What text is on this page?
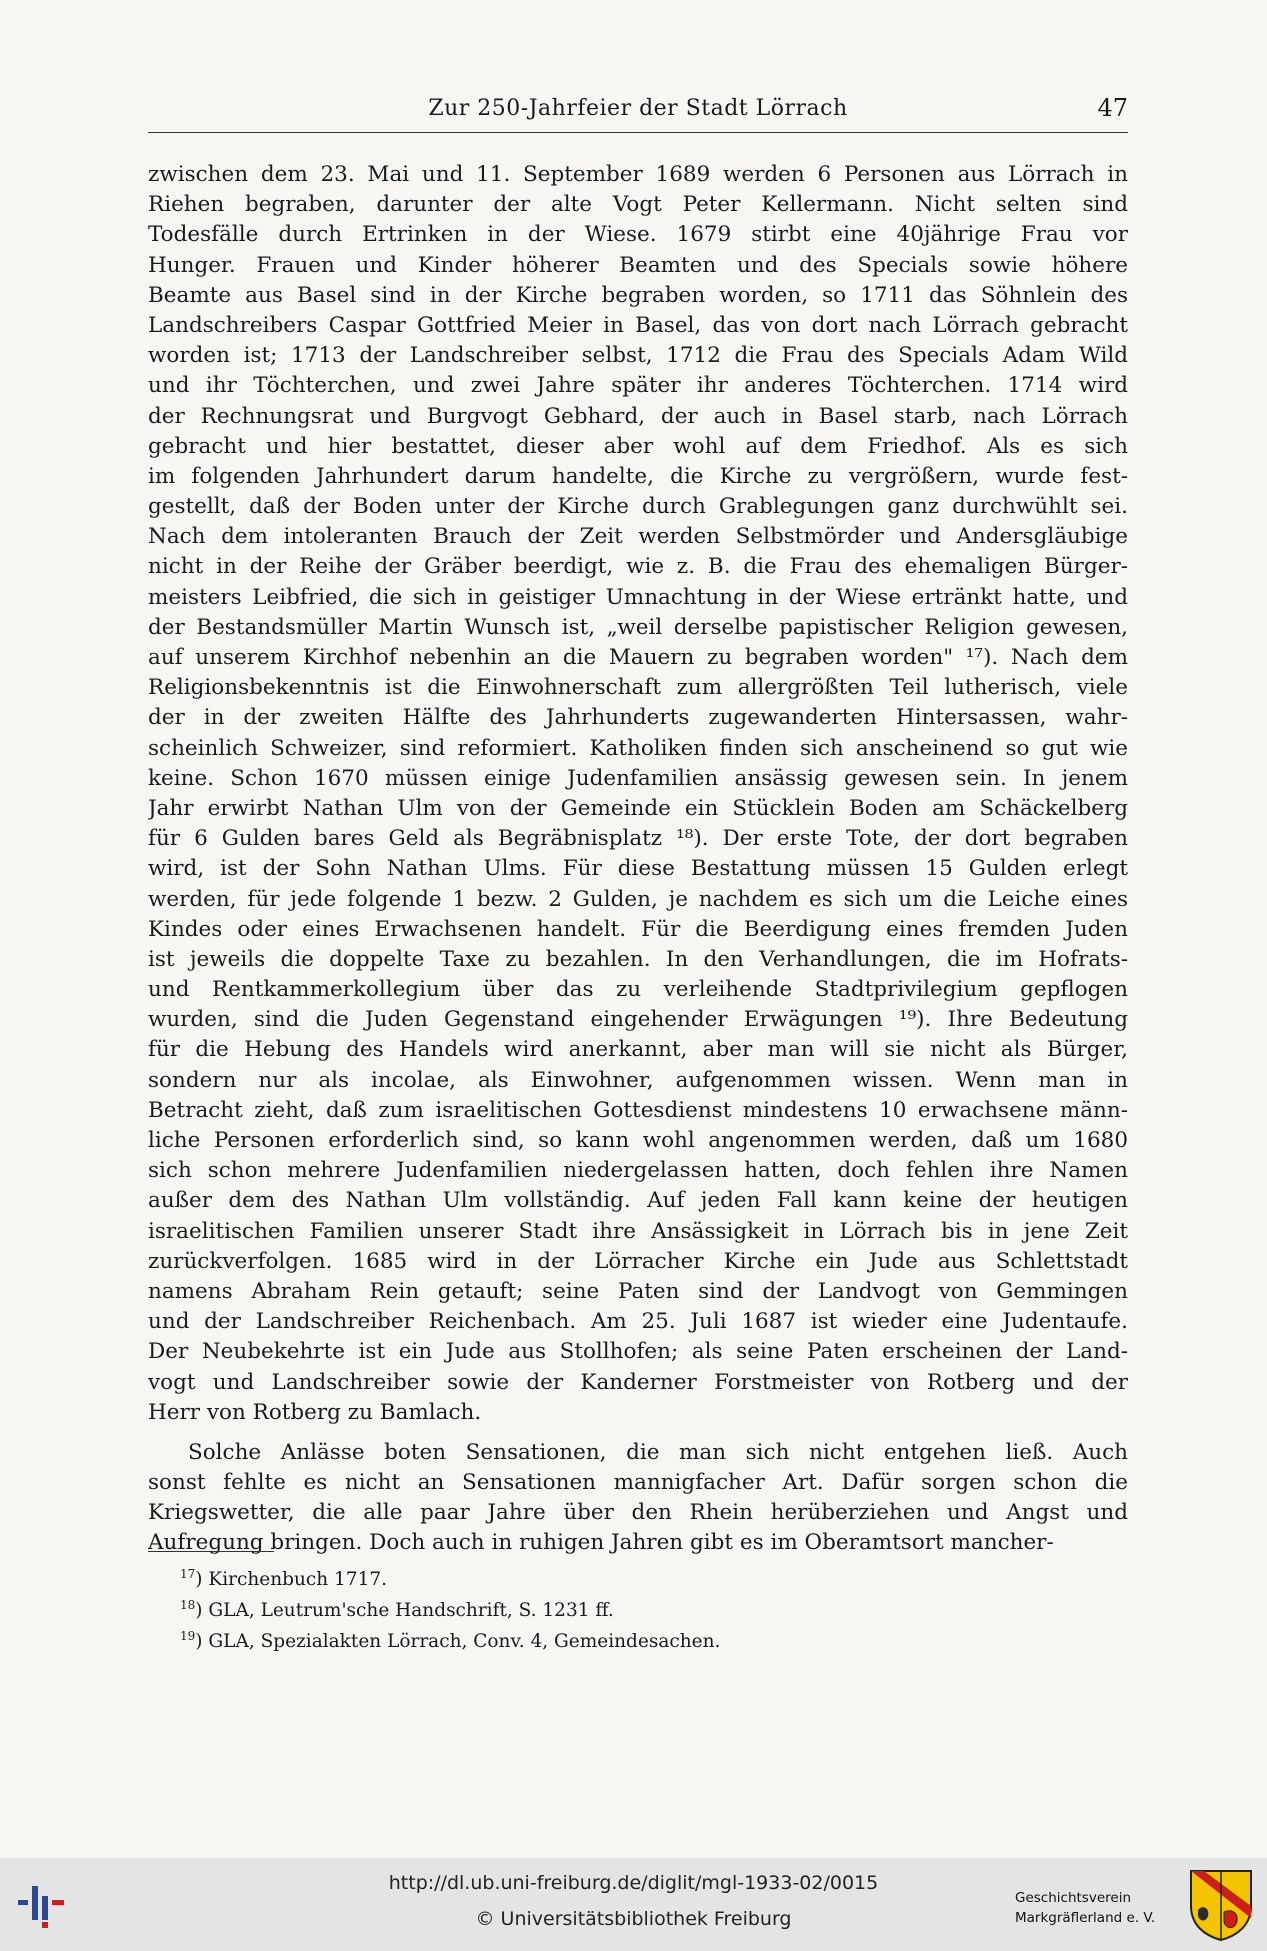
Zur 250-Jahrfeier der Stadt Lörrach	47
zwischen dem 23. Mai und 11. September 1689 werden 6 Personen aus Lörrach in
Riehen begraben, darunter der alte Vogt Peter Kellermann. Nicht selten sind
Todesfälle durch Ertrinken in der Wiese. 1679 stirbt eine 40jährige Frau vor
Hunger. Frauen und Kinder höherer Beamten und des Specials sowie höhere
Beamte aus Basel sind in der Kirche begraben worden, so 1711 das Söhnlein des
Landschreibers Caspar Gottfried Meier in Basel, das von dort nach Lörrach gebracht
worden ist; 1713 der Landschreiber selbst, 1712 die Frau des Specials Adam Wild
und ihr Töchterchen, und zwei Jahre später ihr anderes Töchterchen. 1714 wird
der Rechnungsrat und Burgvogt Gebhard, der auch in Basel starb, nach Lörrach
gebracht und hier bestattet, dieser aber wohl auf dem Friedhof. Als es sich
im folgenden Jahrhundert darum handelte, die Kirche zu vergrößern, wurde fest-
gestellt, daß der Boden unter der Kirche durch Grablegungen ganz durchwühlt sei.
Nach dem intoleranten Brauch der Zeit werden Selbstmörder und Andersgläubige
nicht in der Reihe der Gräber beerdigt, wie z. B. die Frau des ehemaligen Bürger-
meisters Leibfried, die sich in geistiger Umnachtung in der Wiese ertränkt hatte, und
der Bestandsmüller Martin Wunsch ist, „weil derselbe papistischer Religion gewesen,
auf unserem Kirchhof nebenhin an die Mauern zu begraben worden" ¹⁷). Nach dem
Religionsbekenntnis ist die Einwohnerschaft zum allergrößten Teil lutherisch, viele
der in der zweiten Hälfte des Jahrhunderts zugewanderten Hintersassen, wahr-
scheinlich Schweizer, sind reformiert. Katholiken finden sich anscheinend so gut wie
keine. Schon 1670 müssen einige Judenfamilien ansässig gewesen sein. In jenem
Jahr erwirbt Nathan Ulm von der Gemeinde ein Stücklein Boden am Schäckelberg
für 6 Gulden bares Geld als Begräbnisplatz ¹⁸). Der erste Tote, der dort begraben
wird, ist der Sohn Nathan Ulms. Für diese Bestattung müssen 15 Gulden erlegt
werden, für jede folgende 1 bezw. 2 Gulden, je nachdem es sich um die Leiche eines
Kindes oder eines Erwachsenen handelt. Für die Beerdigung eines fremden Juden
ist jeweils die doppelte Taxe zu bezahlen. In den Verhandlungen, die im Hofrats-
und Rentkammerkollegium über das zu verleihende Stadtprivilegium gepflogen
wurden, sind die Juden Gegenstand eingehender Erwägungen ¹⁹). Ihre Bedeutung
für die Hebung des Handels wird anerkannt, aber man will sie nicht als Bürger,
sondern nur als incolae, als Einwohner, aufgenommen wissen. Wenn man in
Betracht zieht, daß zum israelitischen Gottesdienst mindestens 10 erwachsene männ-
liche Personen erforderlich sind, so kann wohl angenommen werden, daß um 1680
sich schon mehrere Judenfamilien niedergelassen hatten, doch fehlen ihre Namen
außer dem des Nathan Ulm vollständig. Auf jeden Fall kann keine der heutigen
israelitischen Familien unserer Stadt ihre Ansässigkeit in Lörrach bis in jene Zeit
zurückverfolgen. 1685 wird in der Lörracher Kirche ein Jude aus Schlettstadt
namens Abraham Rein getauft; seine Paten sind der Landvogt von Gemmingen
und der Landschreiber Reichenbach. Am 25. Juli 1687 ist wieder eine Judentaufe.
Der Neubekehrte ist ein Jude aus Stollhofen; als seine Paten erscheinen der Land-
vogt und Landschreiber sowie der Kanderner Forstmeister von Rotberg und der
Herr von Rotberg zu Bamlach.
Solche Anlässe boten Sensationen, die man sich nicht entgehen ließ. Auch
sonst fehlte es nicht an Sensationen mannigfacher Art. Dafür sorgen schon die
Kriegswetter, die alle paar Jahre über den Rhein herüberziehen und Angst und
Aufregung bringen. Doch auch in ruhigen Jahren gibt es im Oberamtsort mancher-
$^{17}$) Kirchenbuch 1717.
$^{18}$) GLA, Leutrum'sche Handschrift, S. 1231 ff.
$^{19}$) GLA, Spezialakten Lörrach, Conv. 4, Gemeindesachen.
http://dl.ub.uni-freiburg.de/diglit/mgl-1933-02/0015
© Universitätsbibliothek Freiburg
Geschichtsverein
Markgräflerland e. V.
